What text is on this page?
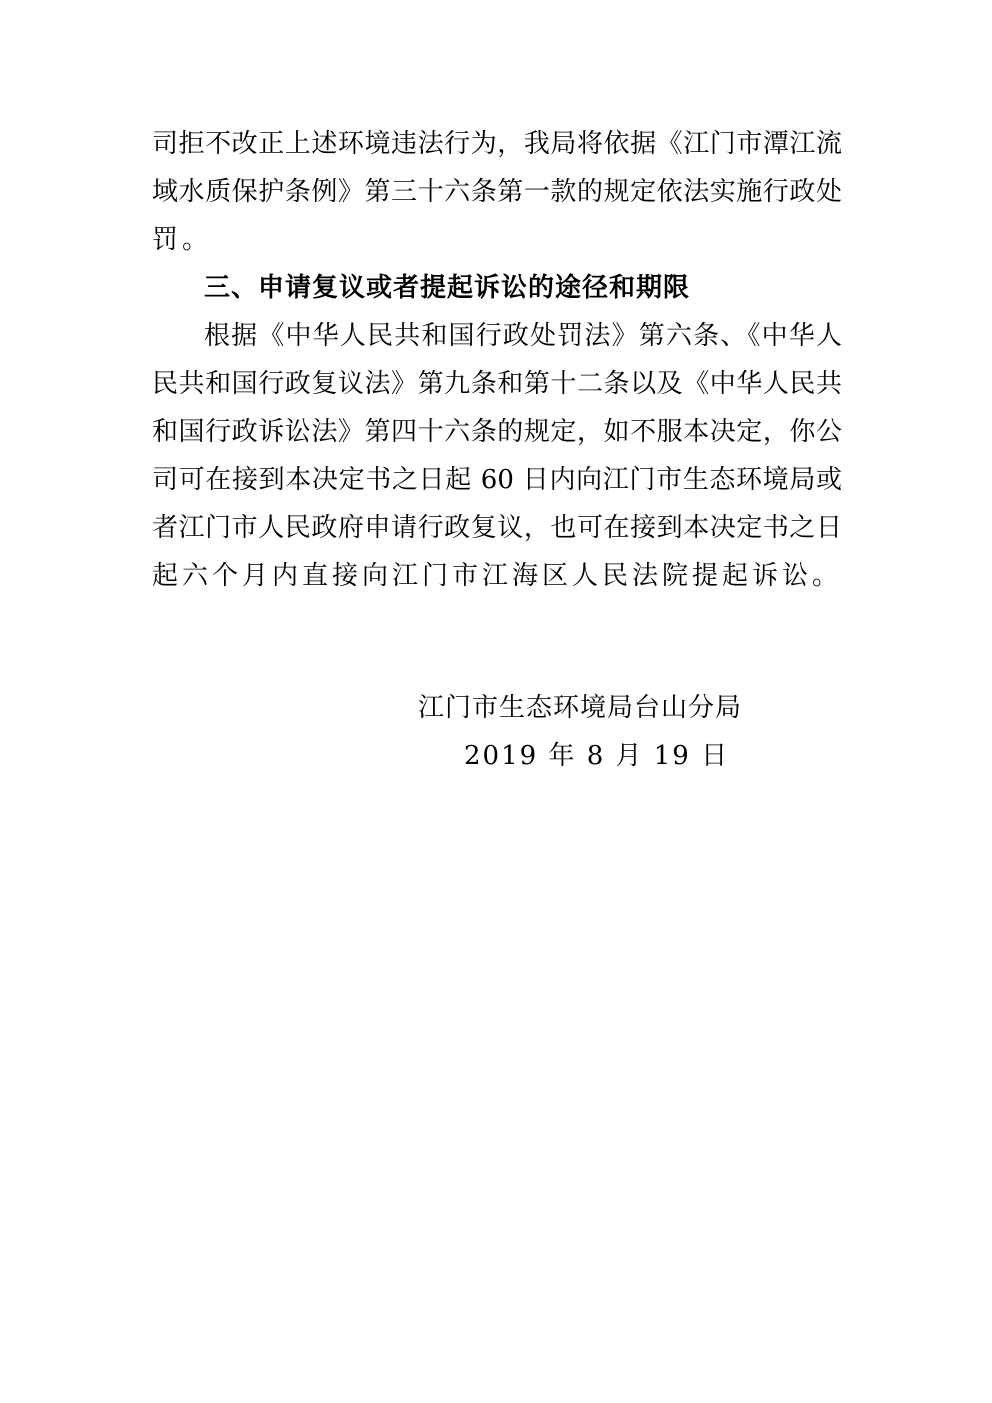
司拒不改正上述环境违法行为，我局将依据《江门市潭江流
域水质保护条例》第三十六条第一款的规定依法实施行政处
罚。
三、申请复议或者提起诉讼的途径和期限
根据《中华人民共和国行政处罚法》第六条、《中华人
民共和国行政复议法》第九条和第十二条以及《中华人民共
和国行政诉讼法》第四十六条的规定，如不服本决定，你公
司可在接到本决定书之日起 60 日内向江门市生态环境局或
者江门市人民政府申请行政复议，也可在接到本决定书之日
起六个月内直接向江门市江海区人民法院提起诉讼。
江门市生态环境局台山分局
2019 年 8 月 19 日
